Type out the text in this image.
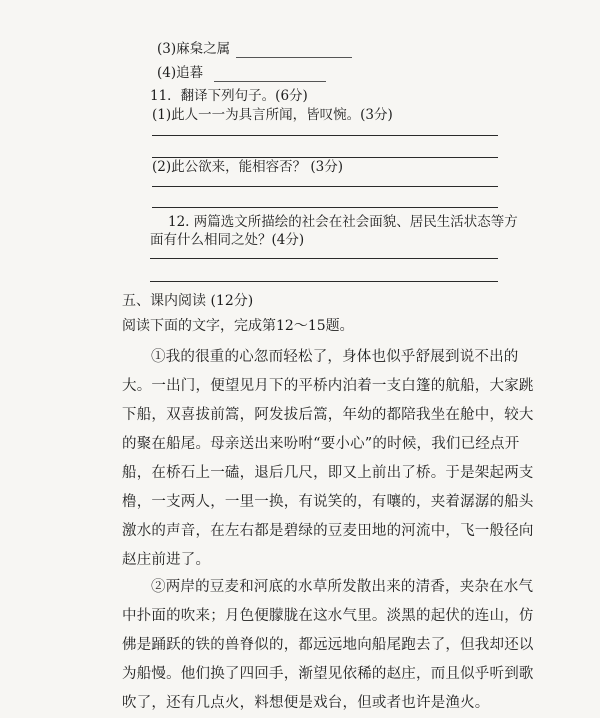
(3)麻枲之属
(4)追暮
11．翻译下列句子。(6分)
(1)此人一一为具言所闻，皆叹惋。(3分)
(2)此公欲来，能相容否？ (3分)
12. 两篇选文所描绘的社会在社会面貌、居民生活状态等方
面有什么相同之处？(4分)
五、课内阅读 (12分)
阅读下面的文字，完成第12～15题。
①我的很重的心忽而轻松了，身体也似乎舒展到说不出的
大。一出门，便望见月下的平桥内泊着一支白篷的航船，大家跳
下船，双喜拔前篙，阿发拔后篙，年幼的都陪我坐在舱中，较大
的聚在船尾。母亲送出来吩咐“要小心”的时候，我们已经点开
船，在桥石上一磕，退后几尺，即又上前出了桥。于是架起两支
橹，一支两人，一里一换，有说笑的，有嚷的，夹着潺潺的船头
激水的声音，在左右都是碧绿的豆麦田地的河流中，飞一般径向
赵庄前进了。
②两岸的豆麦和河底的水草所发散出来的清香，夹杂在水气
中扑面的吹来；月色便朦胧在这水气里。淡黑的起伏的连山，仿
佛是踊跃的铁的兽脊似的，都远远地向船尾跑去了，但我却还以
为船慢。他们换了四回手，渐望见依稀的赵庄，而且似乎听到歌
吹了，还有几点火，料想便是戏台，但或者也许是渔火。
